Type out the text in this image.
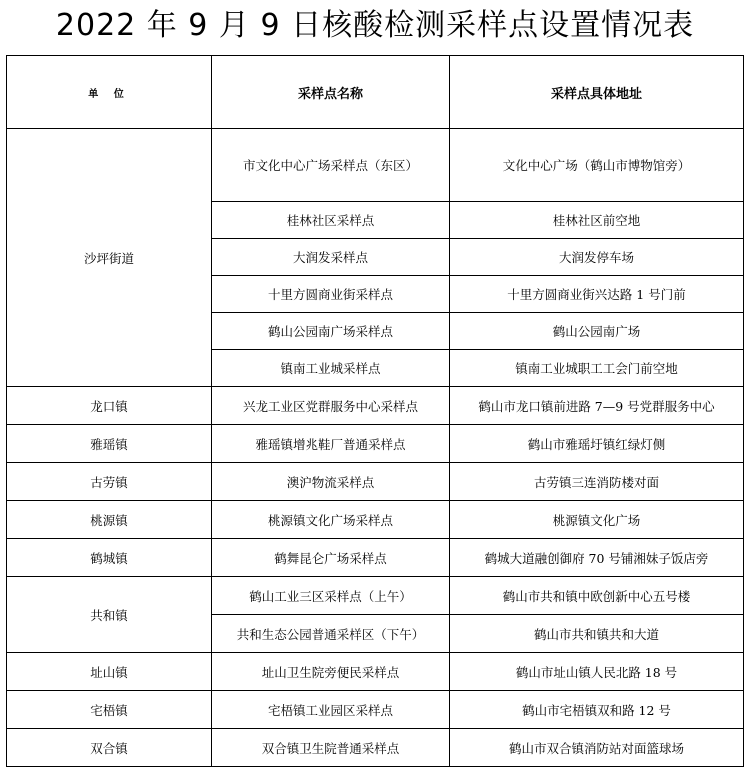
2022 年 9 月 9 日核酸检测采样点设置情况表
单 位	采样点名称	采样点具体地址
沙坪街道	市文化中心广场采样点（东区）	文化中心广场（鹤山市博物馆旁）
	桂林社区采样点	桂林社区前空地
	大润发采样点	大润发停车场
	十里方圆商业街采样点	十里方圆商业街兴达路 1 号门前
	鹤山公园南广场采样点	鹤山公园南广场
	镇南工业城采样点	镇南工业城职工工会门前空地
龙口镇	兴龙工业区党群服务中心采样点	鹤山市龙口镇前进路 7—9 号党群服务中心
雅瑶镇	雅瑶镇增兆鞋厂普通采样点	鹤山市雅瑶圩镇红绿灯侧
古劳镇	澳沪物流采样点	古劳镇三连消防楼对面
桃源镇	桃源镇文化广场采样点	桃源镇文化广场
鹤城镇	鹤舞昆仑广场采样点	鹤城大道融创御府 70 号铺湘妹子饭店旁
共和镇	鹤山工业三区采样点（上午）	鹤山市共和镇中欧创新中心五号楼
	共和生态公园普通采样区（下午）	鹤山市共和镇共和大道
址山镇	址山卫生院旁便民采样点	鹤山市址山镇人民北路 18 号
宅梧镇	宅梧镇工业园区采样点	鹤山市宅梧镇双和路 12 号
双合镇	双合镇卫生院普通采样点	鹤山市双合镇消防站对面篮球场
